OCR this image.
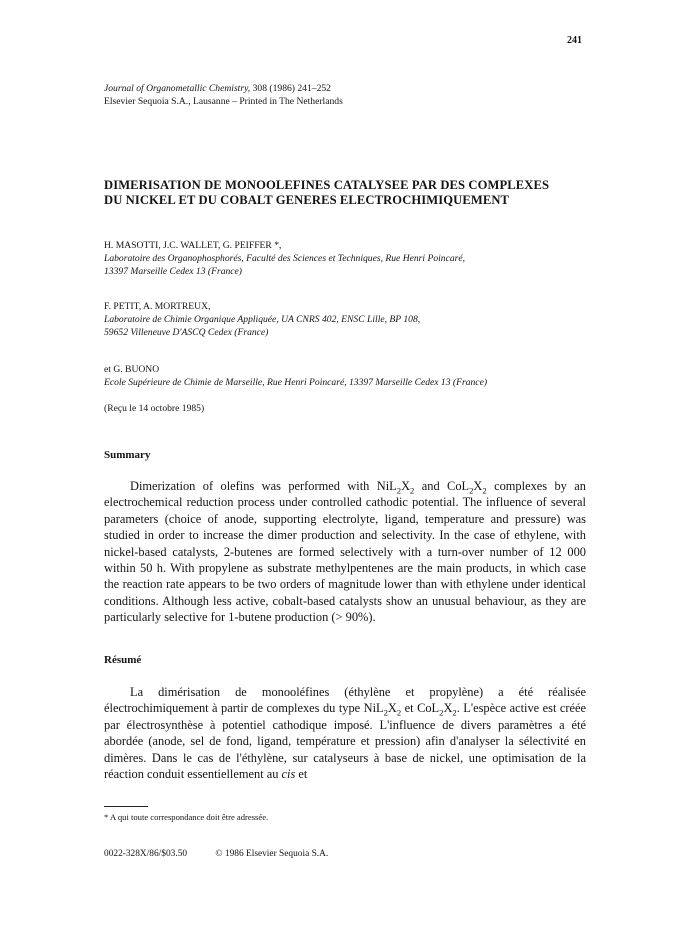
241
Journal of Organometallic Chemistry, 308 (1986) 241–252
Elsevier Sequoia S.A., Lausanne – Printed in The Netherlands
DIMERISATION DE MONOOLEFINES CATALYSEE PAR DES COMPLEXES
DU NICKEL ET DU COBALT GENERES ELECTROCHIMIQUEMENT
H. MASOTTI, J.C. WALLET, G. PEIFFER *,
Laboratoire des Organophosphorés, Faculté des Sciences et Techniques, Rue Henri Poincaré,
13397 Marseille Cedex 13 (France)
F. PETIT, A. MORTREUX,
Laboratoire de Chimie Organique Appliquée, UA CNRS 402, ENSC Lille, BP 108,
59652 Villeneuve D'ASCQ Cedex (France)
et G. BUONO
Ecole Supérieure de Chimie de Marseille, Rue Henri Poincaré, 13397 Marseille Cedex 13 (France)
(Reçu le 14 octobre 1985)
Summary
Dimerization of olefins was performed with $NiL_2X_2$ and $CoL_2X_2$ complexes by an electrochemical reduction process under controlled cathodic potential. The influence of several parameters (choice of anode, supporting electrolyte, ligand, temperature and pressure) was studied in order to increase the dimer production and selectivity. In the case of ethylene, with nickel-based catalysts, 2-butenes are formed selectively with a turn-over number of 12 000 within 50 h. With propylene as substrate methylpentenes are the main products, in which case the reaction rate appears to be two orders of magnitude lower than with ethylene under identical conditions. Although less active, cobalt-based catalysts show an unusual behaviour, as they are particularly selective for 1-butene production (> 90%).
Résumé
La dimérisation de monooléfines (éthylène et propylène) a été réalisée électrochimiquement à partir de complexes du type $NiL_2X_2$ et $CoL_2X_2$. L'espèce active est créée par électrosynthèse à potentiel cathodique imposé. L'influence de divers paramètres a été abordée (anode, sel de fond, ligand, température et pression) afin d'analyser la sélectivité en dimères. Dans le cas de l'éthylène, sur catalyseurs à base de nickel, une optimisation de la réaction conduit essentiellement au cis et
* A qui toute correspondance doit être adressée.
0022-328X/86/$03.50	© 1986 Elsevier Sequoia S.A.
